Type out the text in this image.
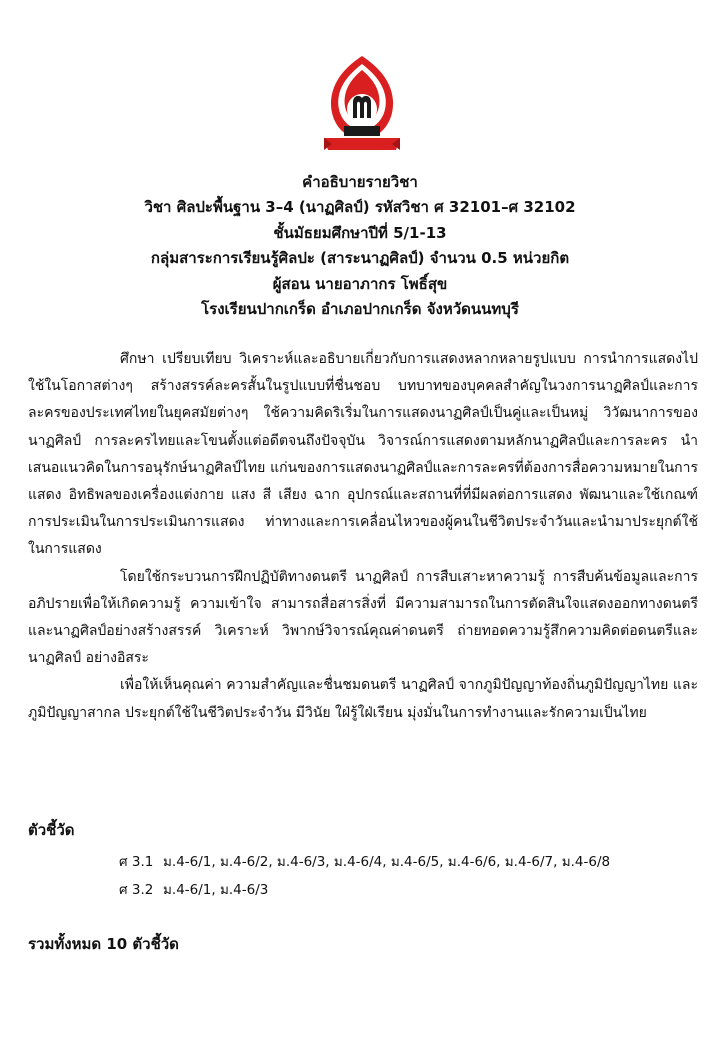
คำอธิบายรายวิชา
วิชา ศิลปะพื้นฐาน 3–4 (นาฏศิลป์) รหัสวิชา ศ 32101–ศ 32102
ชั้นมัธยมศึกษาปีที่ 5/1-13
กลุ่มสาระการเรียนรู้ศิลปะ (สาระนาฏศิลป์) จำนวน 0.5 หน่วยกิต
ผู้สอน นายอาภากร โพธิ์สุข
โรงเรียนปากเกร็ด อำเภอปากเกร็ด จังหวัดนนทบุรี

ศึกษา เปรียบเทียบ วิเคราะห์และอธิบายเกี่ยวกับการแสดงหลากหลายรูปแบบ การนำการแสดงไปใช้ในโอกาสต่างๆ สร้างสรรค์ละครสั้นในรูปแบบที่ชื่นชอบ บทบาทของบุคคลสำคัญในวงการนาฏศิลป์และการละครของประเทศไทยในยุคสมัยต่างๆ ใช้ความคิดริเริ่มในการแสดงนาฏศิลป์เป็นคู่และเป็นหมู่ วิวัฒนาการของนาฏศิลป์ การละครไทยและโขนตั้งแต่อดีตจนถึงปัจจุบัน วิจารณ์การแสดงตามหลักนาฏศิลป์และการละคร นำเสนอแนวคิดในการอนุรักษ์นาฏศิลป์ไทย แก่นของการแสดงนาฏศิลป์และการละครที่ต้องการสื่อความหมายในการแสดง อิทธิพลของเครื่องแต่งกาย แสง สี เสียง ฉาก อุปกรณ์และสถานที่ที่มีผลต่อการแสดง พัฒนาและใช้เกณฑ์การประเมินในการประเมินการแสดง ท่าทางและการเคลื่อนไหวของผู้คนในชีวิตประจำวันและนำมาประยุกต์ใช้ในการแสดง

โดยใช้กระบวนการฝึกปฏิบัติทางดนตรี นาฏศิลป์ การสืบเสาะหาความรู้ การสืบค้นข้อมูลและการอภิปรายเพื่อให้เกิดความรู้ ความเข้าใจ สามารถสื่อสารสิ่งที่ มีความสามารถในการตัดสินใจแสดงออกทางดนตรีและนาฏศิลป์อย่างสร้างสรรค์ วิเคราะห์ วิพากษ์วิจารณ์คุณค่าดนตรี ถ่ายทอดความรู้สึกความคิดต่อดนตรีและนาฏศิลป์ อย่างอิสระ

เพื่อให้เห็นคุณค่า ความสำคัญและชื่นชมดนตรี นาฏศิลป์ จากภูมิปัญญาท้องถิ่นภูมิปัญญาไทย และภูมิปัญญาสากล ประยุกต์ใช้ในชีวิตประจำวัน มีวินัย ใฝ่รู้ใฝ่เรียน มุ่งมั่นในการทำงานและรักความเป็นไทย

ตัวชี้วัด
ศ 3.1 ม.4-6/1, ม.4-6/2, ม.4-6/3, ม.4-6/4, ม.4-6/5, ม.4-6/6, ม.4-6/7, ม.4-6/8
ศ 3.2 ม.4-6/1, ม.4-6/3
รวมทั้งหมด 10 ตัวชี้วัด
